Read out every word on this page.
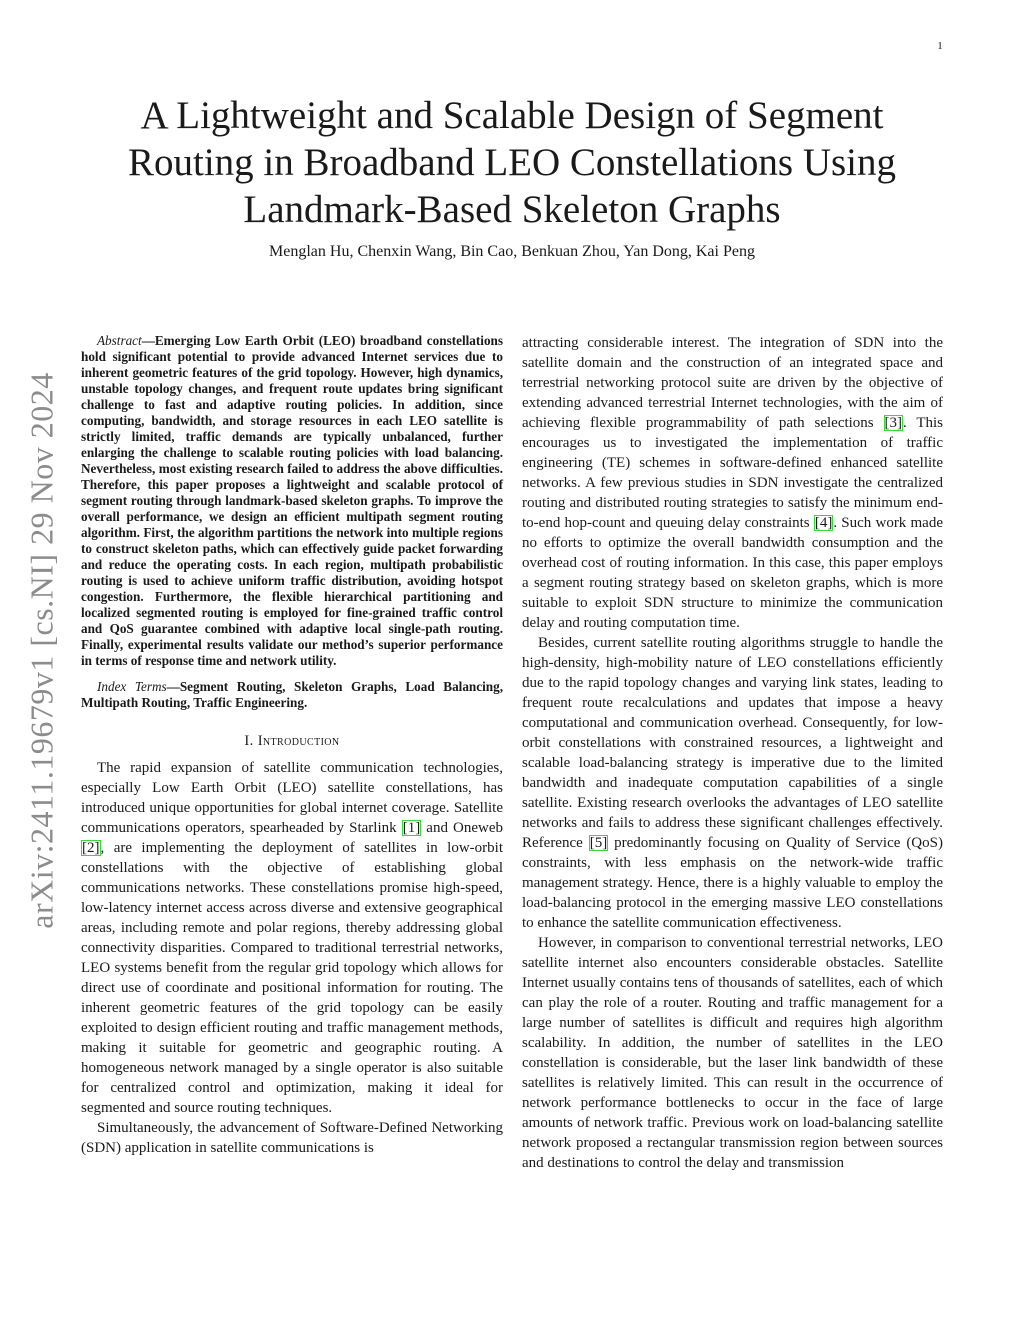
1
arXiv:2411.19679v1 [cs.NI] 29 Nov 2024
A Lightweight and Scalable Design of Segment Routing in Broadband LEO Constellations Using Landmark-Based Skeleton Graphs
Menglan Hu, Chenxin Wang, Bin Cao, Benkuan Zhou, Yan Dong, Kai Peng

Abstract—Emerging Low Earth Orbit (LEO) broadband constellations hold significant potential to provide advanced Internet services due to inherent geometric features of the grid topology. However, high dynamics, unstable topology changes, and frequent route updates bring significant challenge to fast and adaptive routing policies. In addition, since computing, bandwidth, and storage resources in each LEO satellite is strictly limited, traffic demands are typically unbalanced, further enlarging the challenge to scalable routing policies with load balancing. Nevertheless, most existing research failed to address the above difficulties. Therefore, this paper proposes a lightweight and scalable protocol of segment routing through landmark-based skeleton graphs. To improve the overall performance, we design an efficient multipath segment routing algorithm. First, the algorithm partitions the network into multiple regions to construct skeleton paths, which can effectively guide packet forwarding and reduce the operating costs. In each region, multipath probabilistic routing is used to achieve uniform traffic distribution, avoiding hotspot congestion. Furthermore, the flexible hierarchical partitioning and localized segmented routing is employed for fine-grained traffic control and QoS guarantee combined with adaptive local single-path routing. Finally, experimental results validate our method’s superior performance in terms of response time and network utility.

Index Terms—Segment Routing, Skeleton Graphs, Load Balancing, Multipath Routing, Traffic Engineering.

I. Introduction

The rapid expansion of satellite communication technologies, especially Low Earth Orbit (LEO) satellite constellations, has introduced unique opportunities for global internet coverage. Satellite communications operators, spearheaded by Starlink [1] and Oneweb [2], are implementing the deployment of satellites in low-orbit constellations with the objective of establishing global communications networks. These constellations promise high-speed, low-latency internet access across diverse and extensive geographical areas, including remote and polar regions, thereby addressing global connectivity disparities. Compared to traditional terrestrial networks, LEO systems benefit from the regular grid topology which allows for direct use of coordinate and positional information for routing. The inherent geometric features of the grid topology can be easily exploited to design efficient routing and traffic management methods, making it suitable for geometric and geographic routing. A homogeneous network managed by a single operator is also suitable for centralized control and optimization, making it ideal for segmented and source routing techniques.

Simultaneously, the advancement of Software-Defined Networking (SDN) application in satellite communications is

attracting considerable interest. The integration of SDN into the satellite domain and the construction of an integrated space and terrestrial networking protocol suite are driven by the objective of extending advanced terrestrial Internet technologies, with the aim of achieving flexible programmability of path selections [3]. This encourages us to investigated the implementation of traffic engineering (TE) schemes in software-defined enhanced satellite networks. A few previous studies in SDN investigate the centralized routing and distributed routing strategies to satisfy the minimum end-to-end hop-count and queuing delay constraints [4]. Such work made no efforts to optimize the overall bandwidth consumption and the overhead cost of routing information. In this case, this paper employs a segment routing strategy based on skeleton graphs, which is more suitable to exploit SDN structure to minimize the communication delay and routing computation time.

Besides, current satellite routing algorithms struggle to handle the high-density, high-mobility nature of LEO constellations efficiently due to the rapid topology changes and varying link states, leading to frequent route recalculations and updates that impose a heavy computational and communication overhead. Consequently, for low-orbit constellations with constrained resources, a lightweight and scalable load-balancing strategy is imperative due to the limited bandwidth and inadequate computation capabilities of a single satellite. Existing research overlooks the advantages of LEO satellite networks and fails to address these significant challenges effectively. Reference [5] predominantly focusing on Quality of Service (QoS) constraints, with less emphasis on the network-wide traffic management strategy. Hence, there is a highly valuable to employ the load-balancing protocol in the emerging massive LEO constellations to enhance the satellite communication effectiveness.

However, in comparison to conventional terrestrial networks, LEO satellite internet also encounters considerable obstacles. Satellite Internet usually contains tens of thousands of satellites, each of which can play the role of a router. Routing and traffic management for a large number of satellites is difficult and requires high algorithm scalability. In addition, the number of satellites in the LEO constellation is considerable, but the laser link bandwidth of these satellites is relatively limited. This can result in the occurrence of network performance bottlenecks to occur in the face of large amounts of network traffic. Previous work on load-balancing satellite network proposed a rectangular transmission region between sources and destinations to control the delay and transmission
